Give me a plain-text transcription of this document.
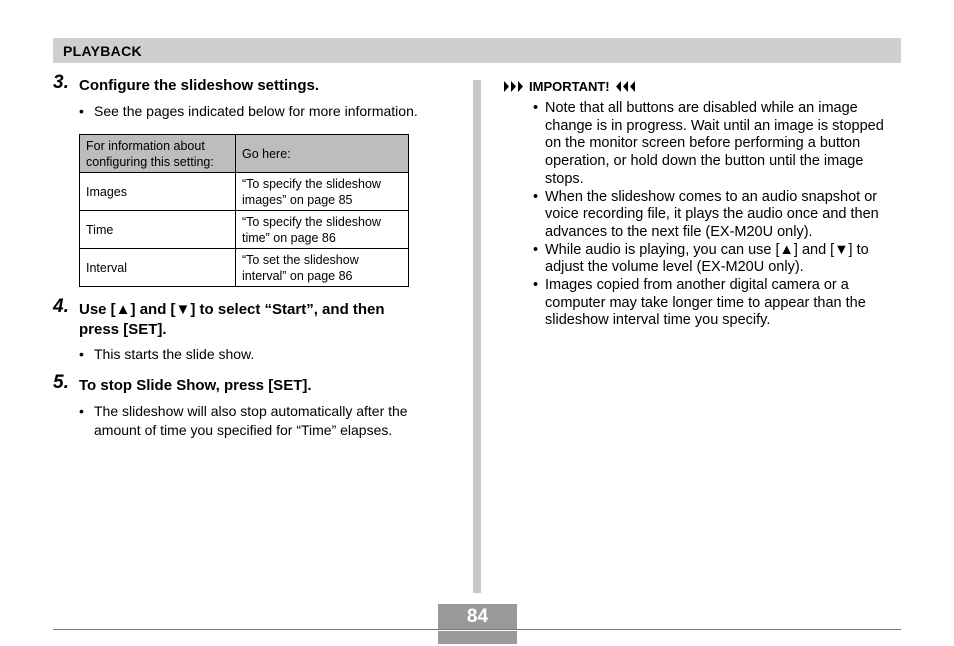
PLAYBACK
3. Configure the slideshow settings.
• See the pages indicated below for more information.
For information about configuring this setting:	Go here:
Images	“To specify the slideshow images” on page 85
Time	“To specify the slideshow time” on page 86
Interval	“To set the slideshow interval” on page 86
4. Use [▲] and [▼] to select “Start”, and then
press [SET].
• This starts the slide show.
5. To stop Slide Show, press [SET].
• The slideshow will also stop automatically after the amount of time you specified for “Time” elapses.
IMPORTANT!
• Note that all buttons are disabled while an image change is in progress. Wait until an image is stopped on the monitor screen before performing a button operation, or hold down the button until the image stops.
• When the slideshow comes to an audio snapshot or voice recording file, it plays the audio once and then advances to the next file (EX-M20U only).
• While audio is playing, you can use [▲] and [▼] to adjust the volume level (EX-M20U only).
• Images copied from another digital camera or a computer may take longer time to appear than the slideshow interval time you specify.
84
